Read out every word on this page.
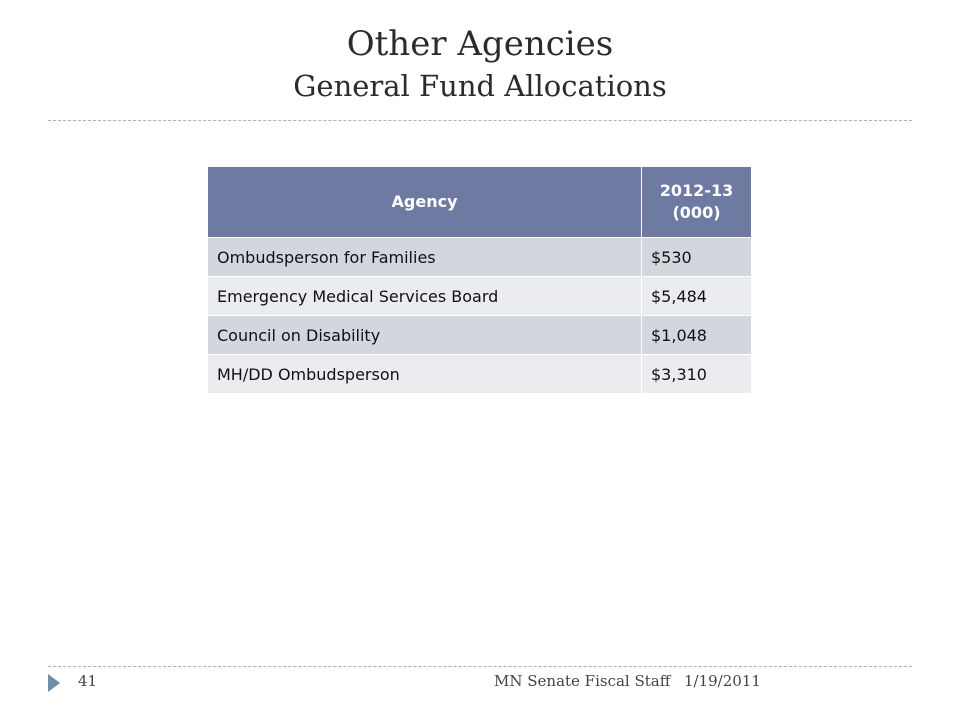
Other Agencies
General Fund Allocations
Agency	2012-13 (000)
Ombudsperson for Families	$530
Emergency Medical Services Board	$5,484
Council on Disability	$1,048
MH/DD Ombudsperson	$3,310
41	MN Senate Fiscal Staff 1/19/2011
